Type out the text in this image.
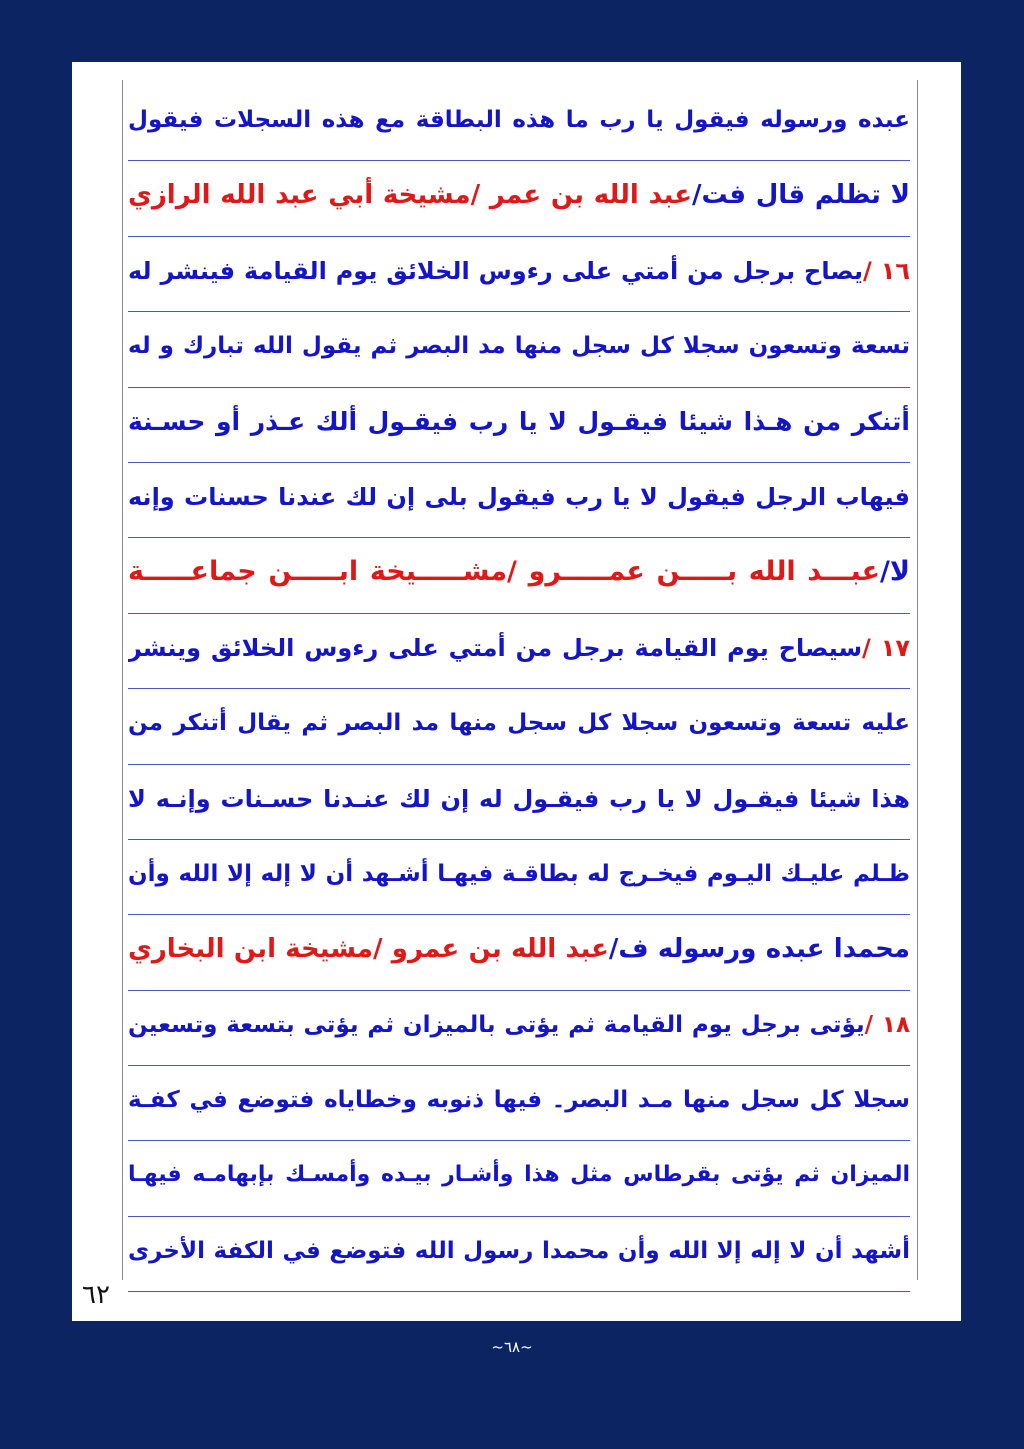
عبده ورسوله فيقول يا رب ما هذه البطاقة مع هذه السجلات فيقول
لا تظلم قال فت/عبد الله بن عمر /مشيخة أبي عبد الله الرازي
١٦ /يصاح برجل من أمتي على رءوس الخلائق يوم القيامة فينشر له
تسعة وتسعون سجلا كل سجل منها مد البصر ثم يقول الله تبارك و له
أتنكر من هـذا شيئا فيقـول لا يا رب فيقـول ألك عـذر أو حسـنة
فيهاب الرجل فيقول لا يا رب فيقول بلى إن لك عندنا حسنات وإنه
لا/عبـــد الله بـــــن عمـــــرو /مشـــــيخة ابـــــن جماعـــــة
١٧ /سيصاح يوم القيامة برجل من أمتي على رءوس الخلائق وينشر
عليه تسعة وتسعون سجلا كل سجل منها مد البصر ثم يقال أتنكر من
هذا شيئا فيقـول لا يا رب فيقـول له إن لك عنـدنا حسـنات وإنـه لا
ظـلم عليـك اليـوم فيخـرج له بطاقـة فيهـا أشـهد أن لا إله إلا الله وأن
محمدا عبده ورسوله ف/عبد الله بن عمرو /مشيخة ابن البخاري
١٨ /يؤتى برجل يوم القيامة ثم يؤتى بالميزان ثم يؤتى بتسعة وتسعين
سجلا كل سجل منها مـد البصر۔ فيها ذنوبه وخطاياه فتوضع في كفـة
الميزان ثم يؤتى بقرطاس مثل هذا وأشـار بيـده وأمسـك بإبهامـه فيهـا
أشهد أن لا إله إلا الله وأن محمدا رسول الله فتوضع في الكفة الأخرى
٦٢
~٦٨~
